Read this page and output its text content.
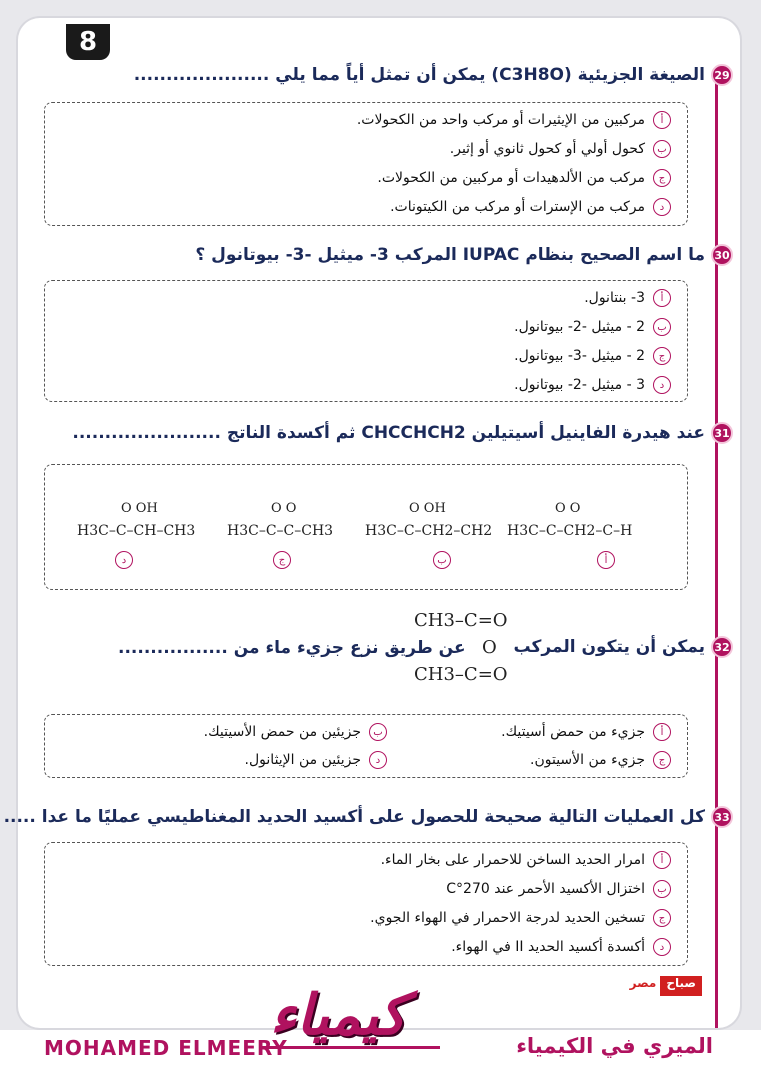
8
29
الصيغة الجزيئية (C3H8O) يمكن أن تمثل أياً مما يلي .....................
أ
مركبين من الإيثيرات أو مركب واحد من الكحولات.
ب
كحول أولي أو كحول ثانوي أو إثير.
ج
مركب من الألدهيدات أو مركبين من الكحولات.
د
مركب من الإسترات أو مركب من الكيتونات.
30
ما اسم الصحيح بنظام IUPAC المركب 3- ميثيل -3- بيوتانول ؟
أ
3- بنتانول.
ب
2 - ميثيل -2- بيوتانول.
ج
2 - ميثيل -3- بيوتانول.
د
3 - ميثيل -2- بيوتانول.
31
عند هيدرة الفاينيل أسيتيلين CHCCHCH2 ثم أكسدة الناتج .......................
O O
H3C–C–CH2–C–H
أ
O OH
H3C–C–CH2–CH2
ب
O O
H3C–C–C–CH3
ج
O OH
H3C–C–CH–CH3
د
32
يمكن أن يتكون المركب
عن طريق نزع جزيء ماء من .................
CH3–C=O
O
CH3–C=O
أ
جزيء من حمض أسيتيك.
ب
جزيئين من حمض الأسيتيك.
ج
جزيء من الأسيتون.
د
جزيئين من الإيثانول.
33
كل العمليات التالية صحيحة للحصول على أكسيد الحديد المغناطيسي عمليًا ما عدا .....
أ
امرار الحديد الساخن للاحمرار على بخار الماء.
ب
اختزال الأكسيد الأحمر عند 270°C
ج
تسخين الحديد لدرجة الاحمرار في الهواء الجوي.
د
أكسدة أكسيد الحديد II في الهواء.
صباح
مصر
كيمياء
MOHAMED ELMEERY	الميري في الكيمياء
